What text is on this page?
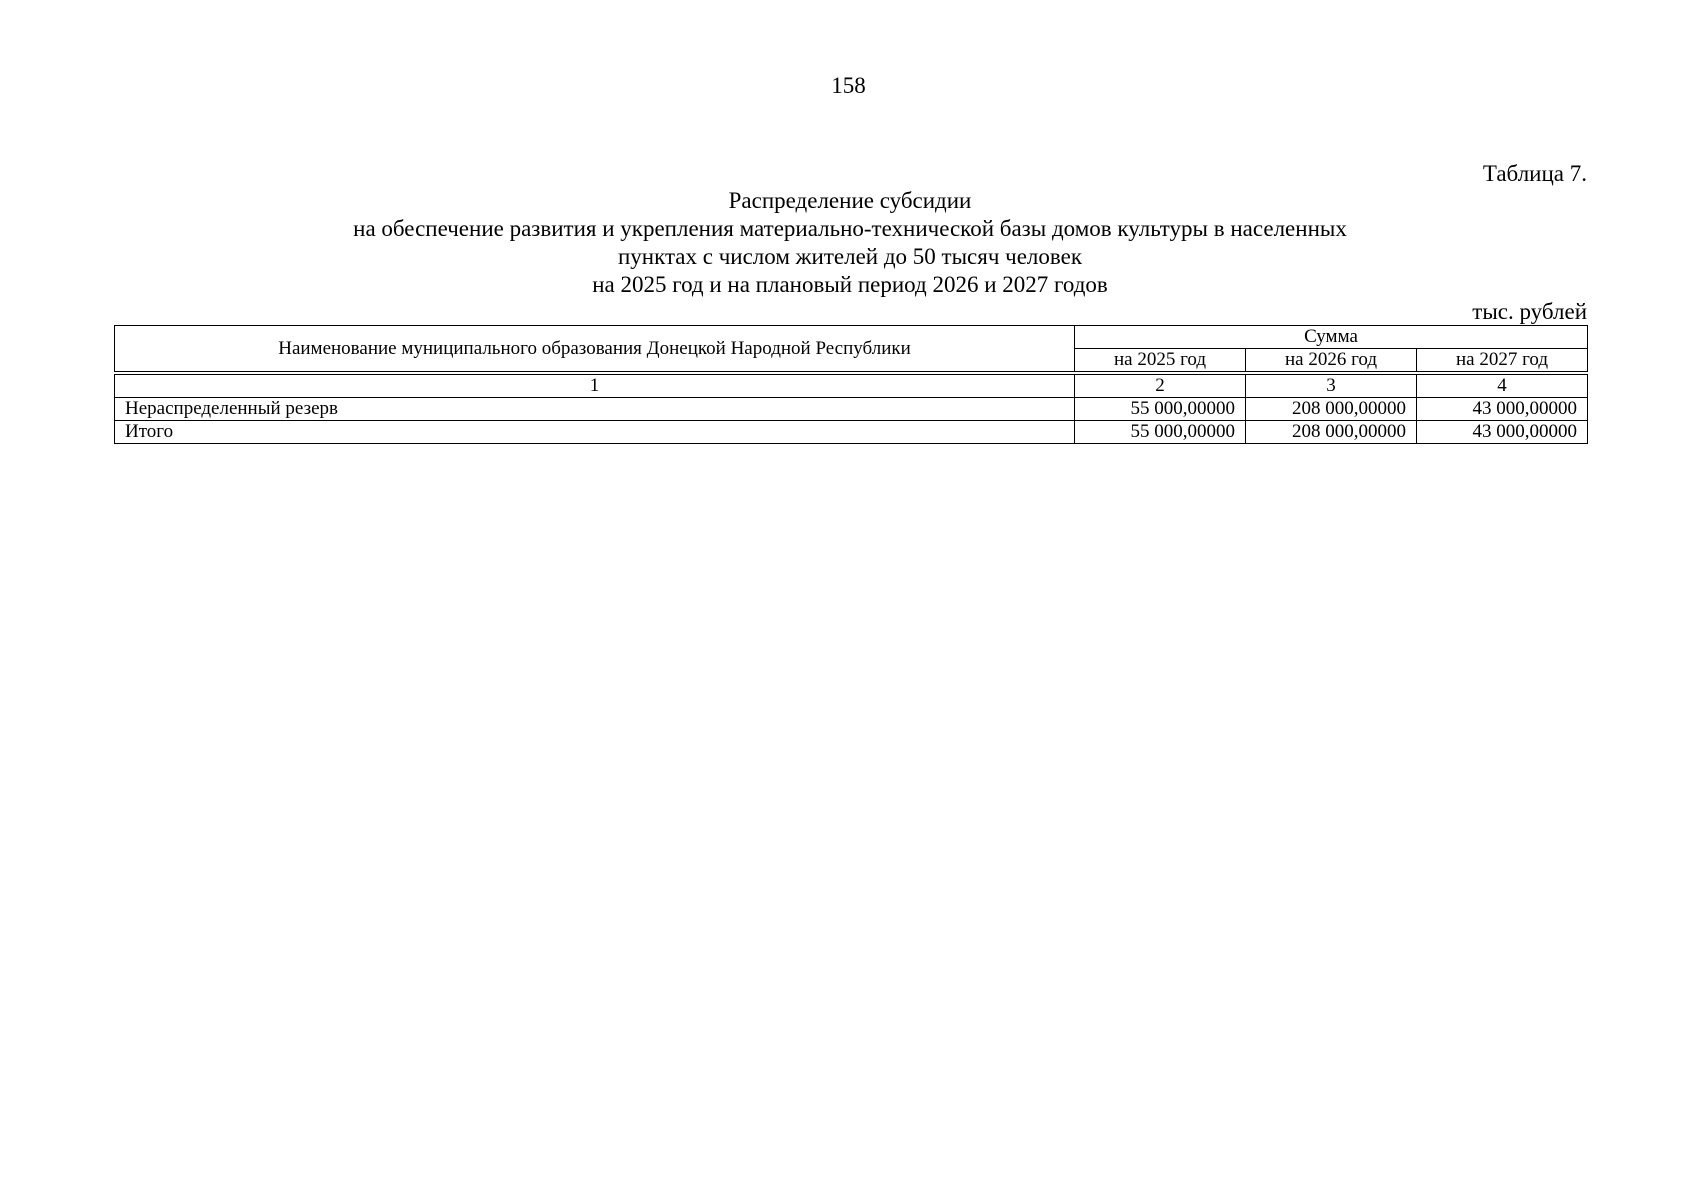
158
Таблица 7.
Распределение субсидии
на обеспечение развития и укрепления материально-технической базы домов культуры в населенных
пунктах с числом жителей до 50 тысяч человек
на 2025 год и на плановый период 2026 и 2027 годов
тыс. рублей
Наименование муниципального образования Донецкой Народной Республики	Сумма		
	на 2025 год	на 2026 год	на 2027 год

1	2	3	4
Нераспределенный резерв	55 000,00000	208 000,00000	43 000,00000
Итого	55 000,00000	208 000,00000	43 000,00000
